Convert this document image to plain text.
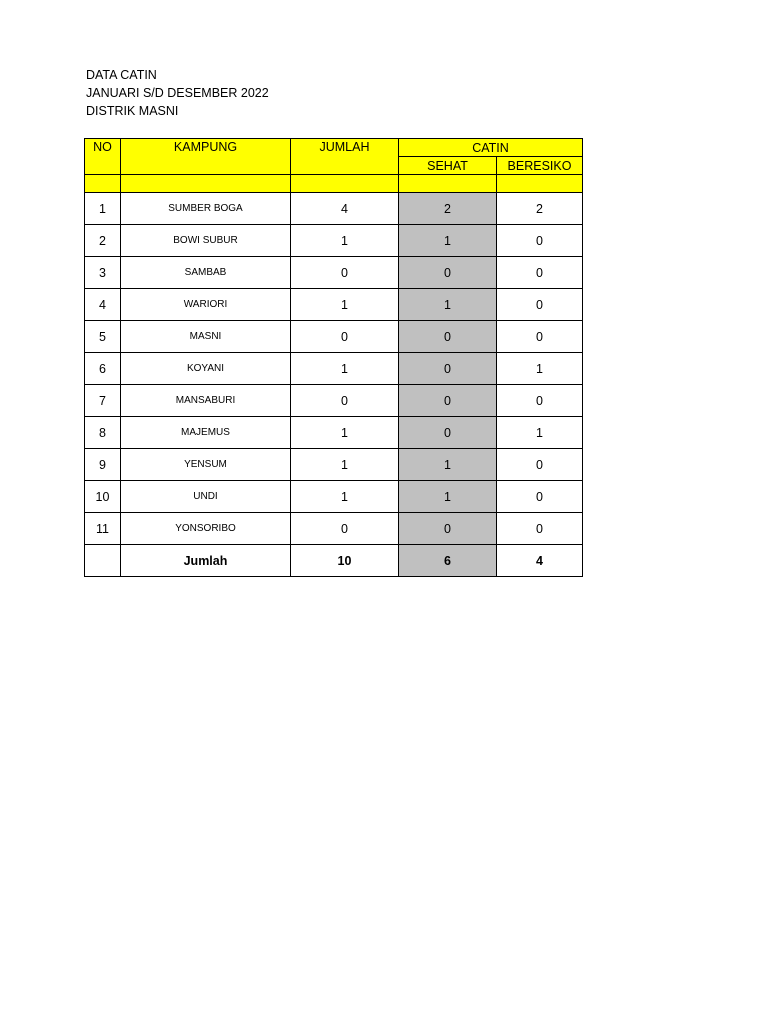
DATA CATIN
JANUARI S/D DESEMBER 2022
DISTRIK MASNI
NO	KAMPUNG	JUMLAH	CATIN	
			SEHAT	BERESIKO

1	SUMBER BOGA	4	2	2
2	BOWI SUBUR	1	1	0
3	SAMBAB	0	0	0
4	WARIORI	1	1	0
5	MASNI	0	0	0
6	KOYANI	1	0	1
7	MANSABURI	0	0	0
8	MAJEMUS	1	0	1
9	YENSUM	1	1	0
10	UNDI	1	1	0
11	YONSORIBO	0	0	0
	Jumlah	10	6	4
